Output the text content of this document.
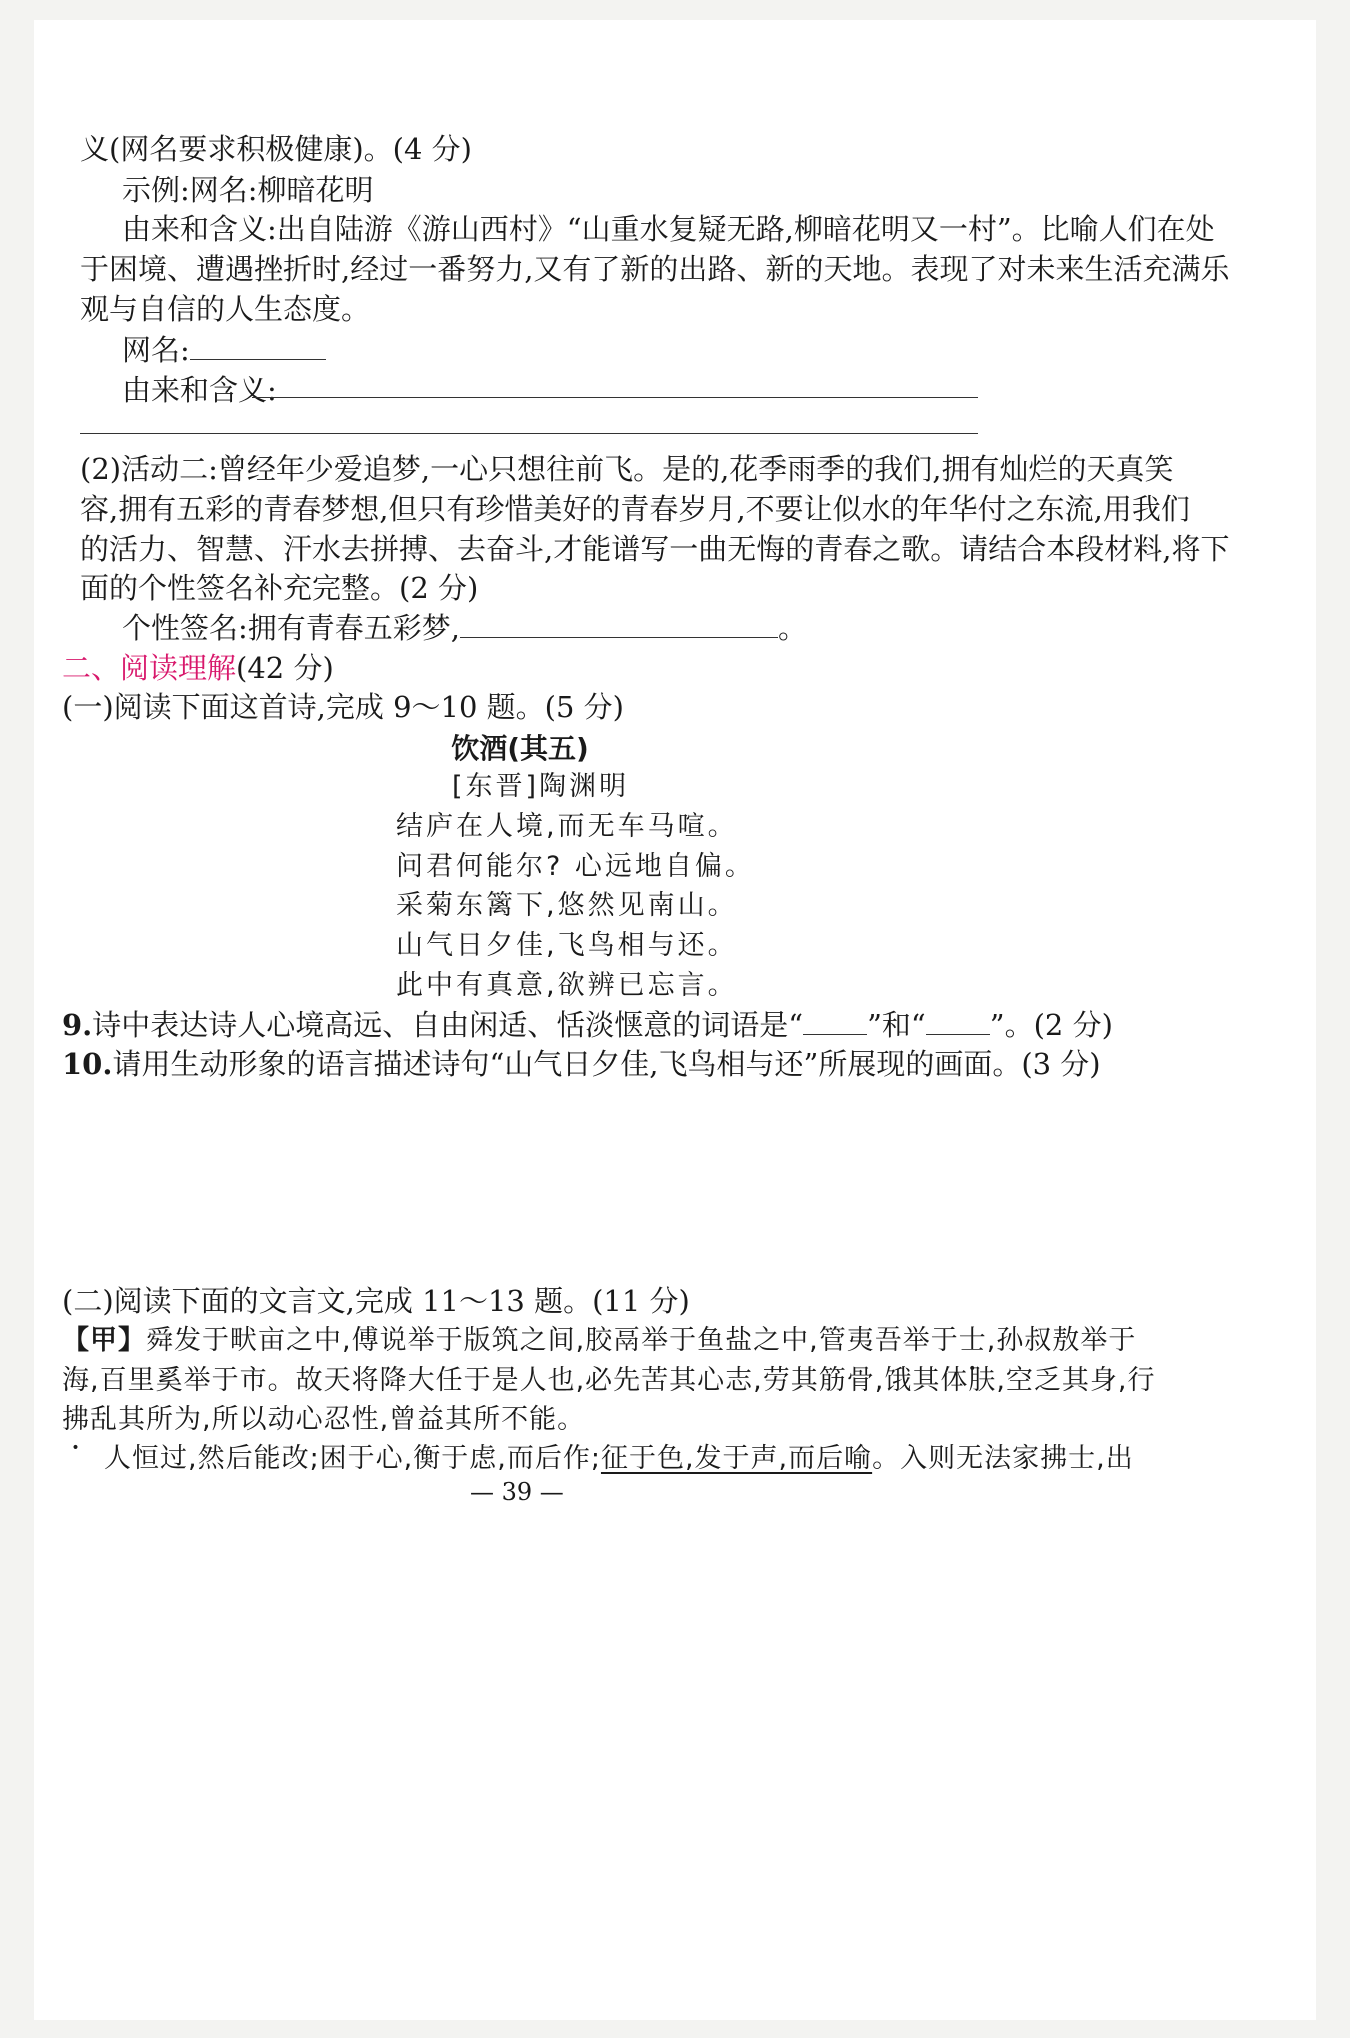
义(网名要求积极健康)。(4 分)
示例:网名:柳暗花明
由来和含义:出自陆游《游山西村》“山重水复疑无路,柳暗花明又一村”。比喻人们在处
于困境、遭遇挫折时,经过一番努力,又有了新的出路、新的天地。表现了对未来生活充满乐
观与自信的人生态度。
网名:
由来和含义:
(2)活动二:曾经年少爱追梦,一心只想往前飞。是的,花季雨季的我们,拥有灿烂的天真笑
容,拥有五彩的青春梦想,但只有珍惜美好的青春岁月,不要让似水的年华付之东流,用我们
的活力、智慧、汗水去拼搏、去奋斗,才能谱写一曲无悔的青春之歌。请结合本段材料,将下
面的个性签名补充完整。(2 分)
个性签名:拥有青春五彩梦,	。
二、阅读理解(42 分)
(一)阅读下面这首诗,完成 9～10 题。(5 分)
饮酒(其五)
[东晋]陶渊明
结庐在人境,而无车马喧。
问君何能尔? 心远地自偏。
采菊东篱下,悠然见南山。
山气日夕佳,飞鸟相与还。
此中有真意,欲辨已忘言。
9.诗中表达诗人心境高远、自由闲适、恬淡惬意的词语是“ ”和“ ”。(2 分)
10.请用生动形象的语言描述诗句“山气日夕佳,飞鸟相与还”所展现的画面。(3 分)
(二)阅读下面的文言文,完成 11～13 题。(11 分)
【甲】舜发于畎亩之中,傅说举于版筑之间,胶鬲举于鱼盐之中,管夷吾举于士,孙叔敖举于
海,百里奚举于市。故天将降大任于是人也,必先苦其心志,劳其筋骨,饿其体肤,空乏其身,行
拂乱其所为,所以动心忍性,曾益其所不能。
人恒过,然后能改;困于心,衡于虑,而后作;征于色,发于声,而后喻。入则无法家拂士,出
— 39 —
